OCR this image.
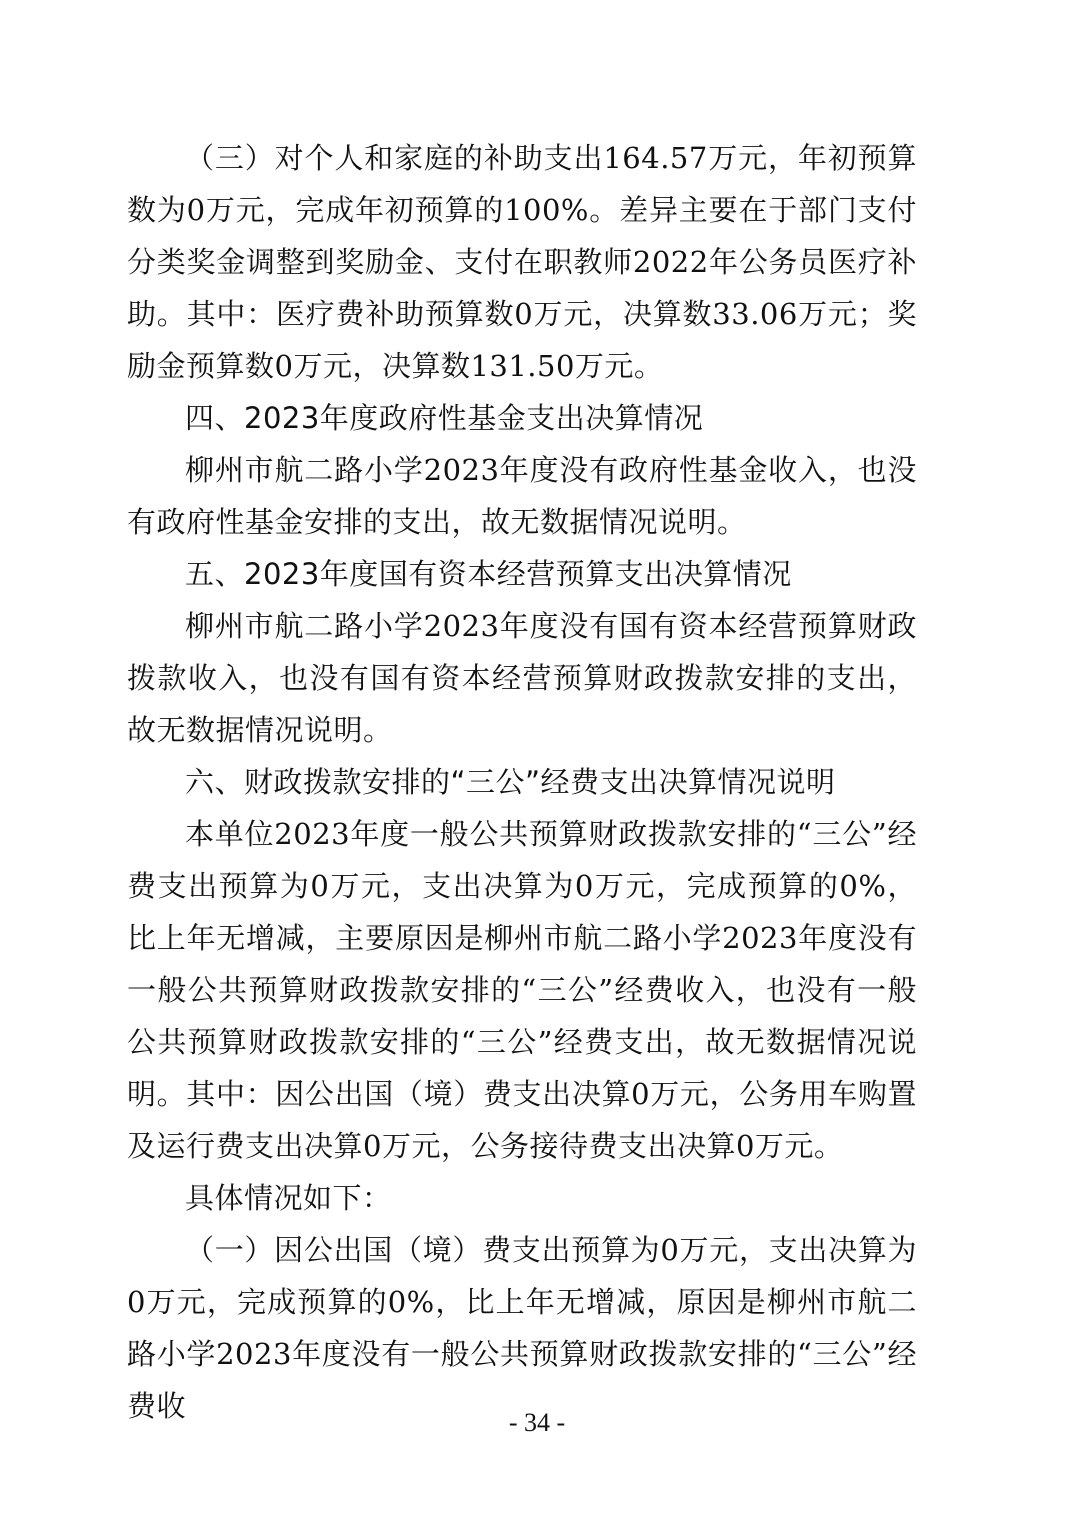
（三）对个人和家庭的补助支出164.57万元，年初预算数为0万元，完成年初预算的100%。差异主要在于部门支付分类奖金调整到奖励金、支付在职教师2022年公务员医疗补助。其中：医疗费补助预算数0万元，决算数33.06万元；奖励金预算数0万元，决算数131.50万元。

四、2023年度政府性基金支出决算情况

柳州市航二路小学2023年度没有政府性基金收入，也没有政府性基金安排的支出，故无数据情况说明。

五、2023年度国有资本经营预算支出决算情况

柳州市航二路小学2023年度没有国有资本经营预算财政拨款收入，也没有国有资本经营预算财政拨款安排的支出，故无数据情况说明。

六、财政拨款安排的“三公”经费支出决算情况说明

本单位2023年度一般公共预算财政拨款安排的“三公”经费支出预算为0万元，支出决算为0万元，完成预算的0%，比上年无增减，主要原因是柳州市航二路小学2023年度没有一般公共预算财政拨款安排的“三公”经费收入，也没有一般公共预算财政拨款安排的“三公”经费支出，故无数据情况说明。其中：因公出国（境）费支出决算0万元，公务用车购置及运行费支出决算0万元，公务接待费支出决算0万元。

具体情况如下：

（一）因公出国（境）费支出预算为0万元，支出决算为0万元，完成预算的0%，比上年无增减，原因是柳州市航二路小学2023年度没有一般公共预算财政拨款安排的“三公”经费收	- 34 -
